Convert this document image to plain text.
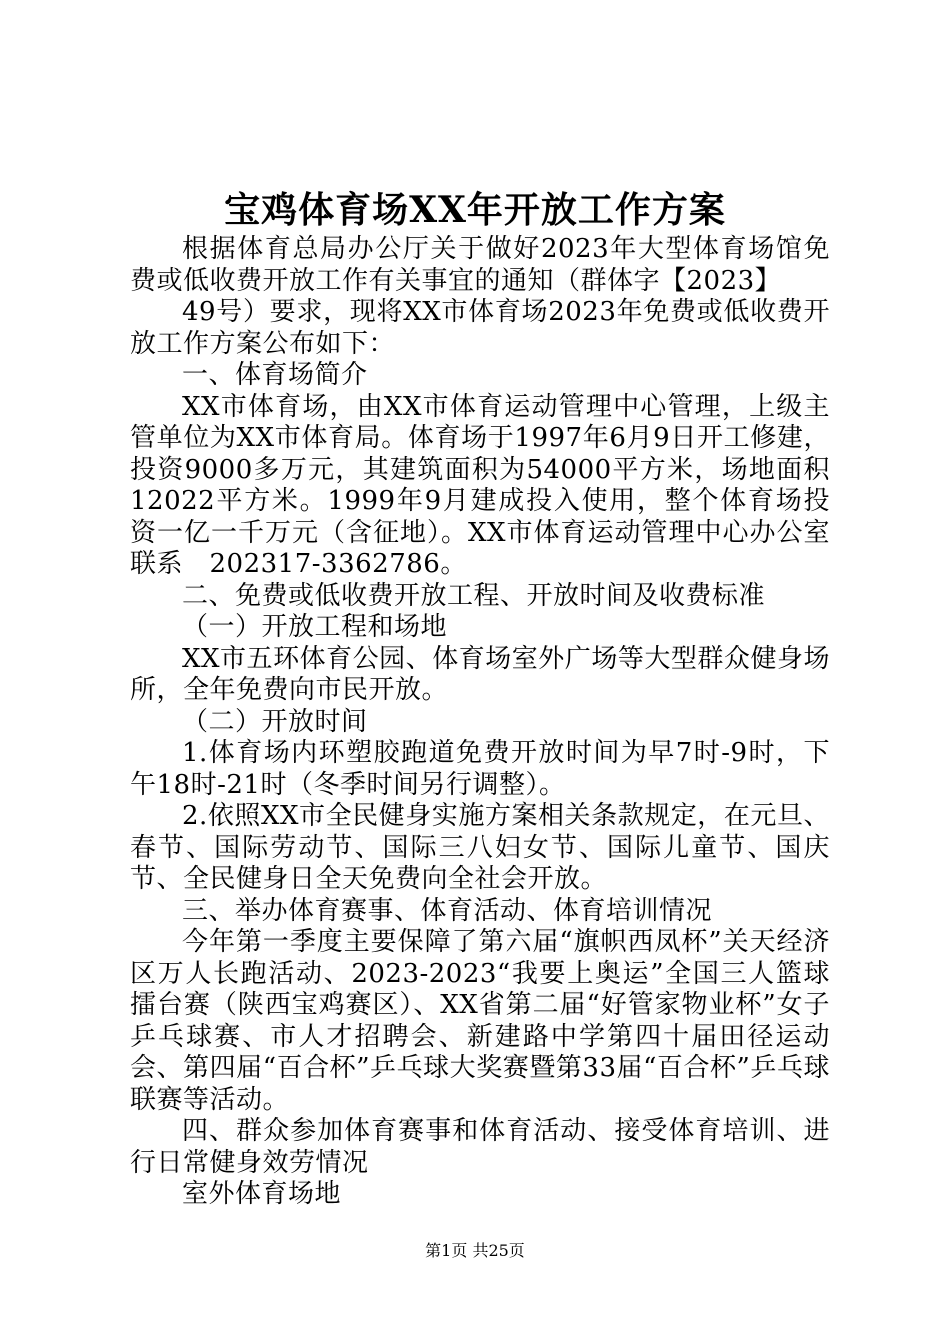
宝鸡体育场XX年开放工作方案

根据体育总局办公厅关于做好2023年大型体育场馆免费或低收费开放工作有关事宜的通知（群体字【2023】

49号）要求，现将XX市体育场2023年免费或低收费开放工作方案公布如下：

一、体育场简介

XX市体育场，由XX市体育运动管理中心管理，上级主管单位为XX市体育局。体育场于1997年6月9日开工修建，投资9000多万元，其建筑面积为54000平方米，场地面积12022平方米。1999年9月建成投入使用，整个体育场投资一亿一千万元（含征地）。XX市体育运动管理中心办公室联系　202317-3362786。

二、免费或低收费开放工程、开放时间及收费标准

（一）开放工程和场地

XX市五环体育公园、体育场室外广场等大型群众健身场所，全年免费向市民开放。

（二）开放时间

1.体育场内环塑胶跑道免费开放时间为早7时-9时，下午18时-21时（冬季时间另行调整）。

2.依照XX市全民健身实施方案相关条款规定，在元旦、春节、国际劳动节、国际三八妇女节、国际儿童节、国庆节、全民健身日全天免费向全社会开放。

三、举办体育赛事、体育活动、体育培训情况

今年第一季度主要保障了第六届“旗帜西凤杯”关天经济区万人长跑活动、2023-2023“我要上奥运”全国三人篮球擂台赛（陕西宝鸡赛区）、XX省第二届“好管家物业杯”女子乒乓球赛、市人才招聘会、新建路中学第四十届田径运动会、第四届“百合杯”乒乓球大奖赛暨第33届“百合杯”乒乓球联赛等活动。

四、群众参加体育赛事和体育活动、接受体育培训、进行日常健身效劳情况

室外体育场地

第1页 共25页
